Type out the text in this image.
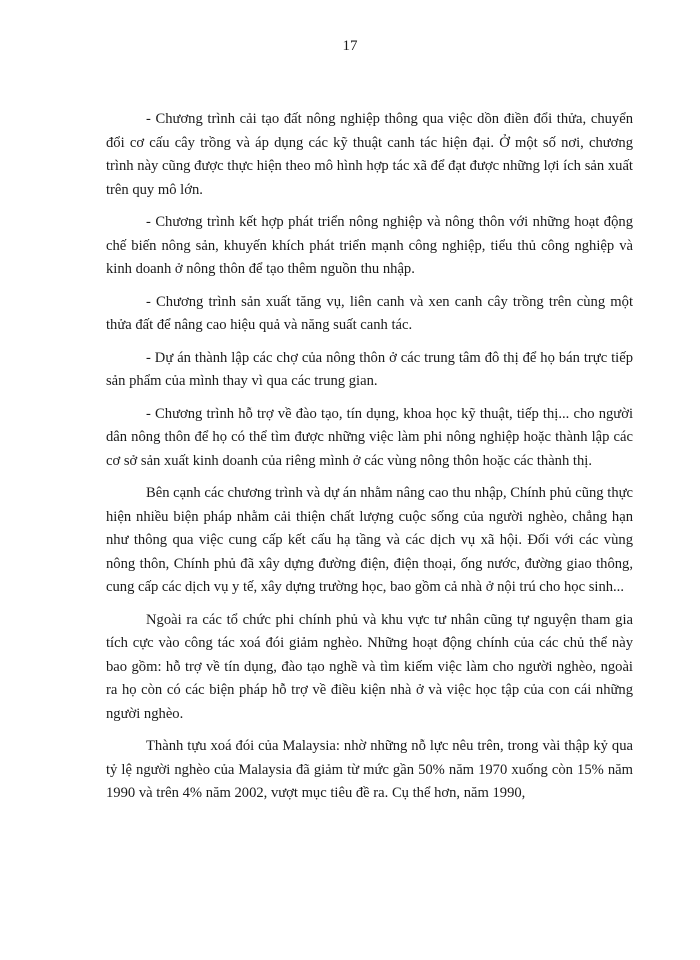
17

- Chương trình cải tạo đất nông nghiệp thông qua việc dồn điền đổi thửa, chuyển đổi cơ cấu cây trồng và áp dụng các kỹ thuật canh tác hiện đại. Ở một số nơi, chương trình này cũng được thực hiện theo mô hình hợp tác xã để đạt được những lợi ích sản xuất trên quy mô lớn.

- Chương trình kết hợp phát triển nông nghiệp và nông thôn với những hoạt động chế biến nông sản, khuyến khích phát triển mạnh công nghiệp, tiểu thủ công nghiệp và kinh doanh ở nông thôn để tạo thêm nguồn thu nhập.

- Chương trình sản xuất tăng vụ, liên canh và xen canh cây trồng trên cùng một thửa đất để nâng cao hiệu quả và năng suất canh tác.

- Dự án thành lập các chợ của nông thôn ở các trung tâm đô thị để họ bán trực tiếp sản phẩm của mình thay vì qua các trung gian.

- Chương trình hỗ trợ về đào tạo, tín dụng, khoa học kỹ thuật, tiếp thị... cho người dân nông thôn để họ có thể tìm được những việc làm phi nông nghiệp hoặc thành lập các cơ sở sản xuất kinh doanh của riêng mình ở các vùng nông thôn hoặc các thành thị.

Bên cạnh các chương trình và dự án nhằm nâng cao thu nhập, Chính phủ cũng thực hiện nhiều biện pháp nhằm cải thiện chất lượng cuộc sống của người nghèo, chẳng hạn như thông qua việc cung cấp kết cấu hạ tầng và các dịch vụ xã hội. Đối với các vùng nông thôn, Chính phủ đã xây dựng đường điện, điện thoại, ống nước, đường giao thông, cung cấp các dịch vụ y tế, xây dựng trường học, bao gồm cả nhà ở nội trú cho học sinh...

Ngoài ra các tổ chức phi chính phủ và khu vực tư nhân cũng tự nguyện tham gia tích cực vào công tác xoá đói giảm nghèo. Những hoạt động chính của các chủ thể này bao gồm: hỗ trợ về tín dụng, đào tạo nghề và tìm kiếm việc làm cho người nghèo, ngoài ra họ còn có các biện pháp hỗ trợ về điều kiện nhà ở và việc học tập của con cái những người nghèo.

Thành tựu xoá đói của Malaysia: nhờ những nỗ lực nêu trên, trong vài thập kỷ qua tỷ lệ người nghèo của Malaysia đã giảm từ mức gần 50% năm 1970 xuống còn 15% năm 1990 và trên 4% năm 2002, vượt mục tiêu đề ra. Cụ thể hơn, năm 1990,
